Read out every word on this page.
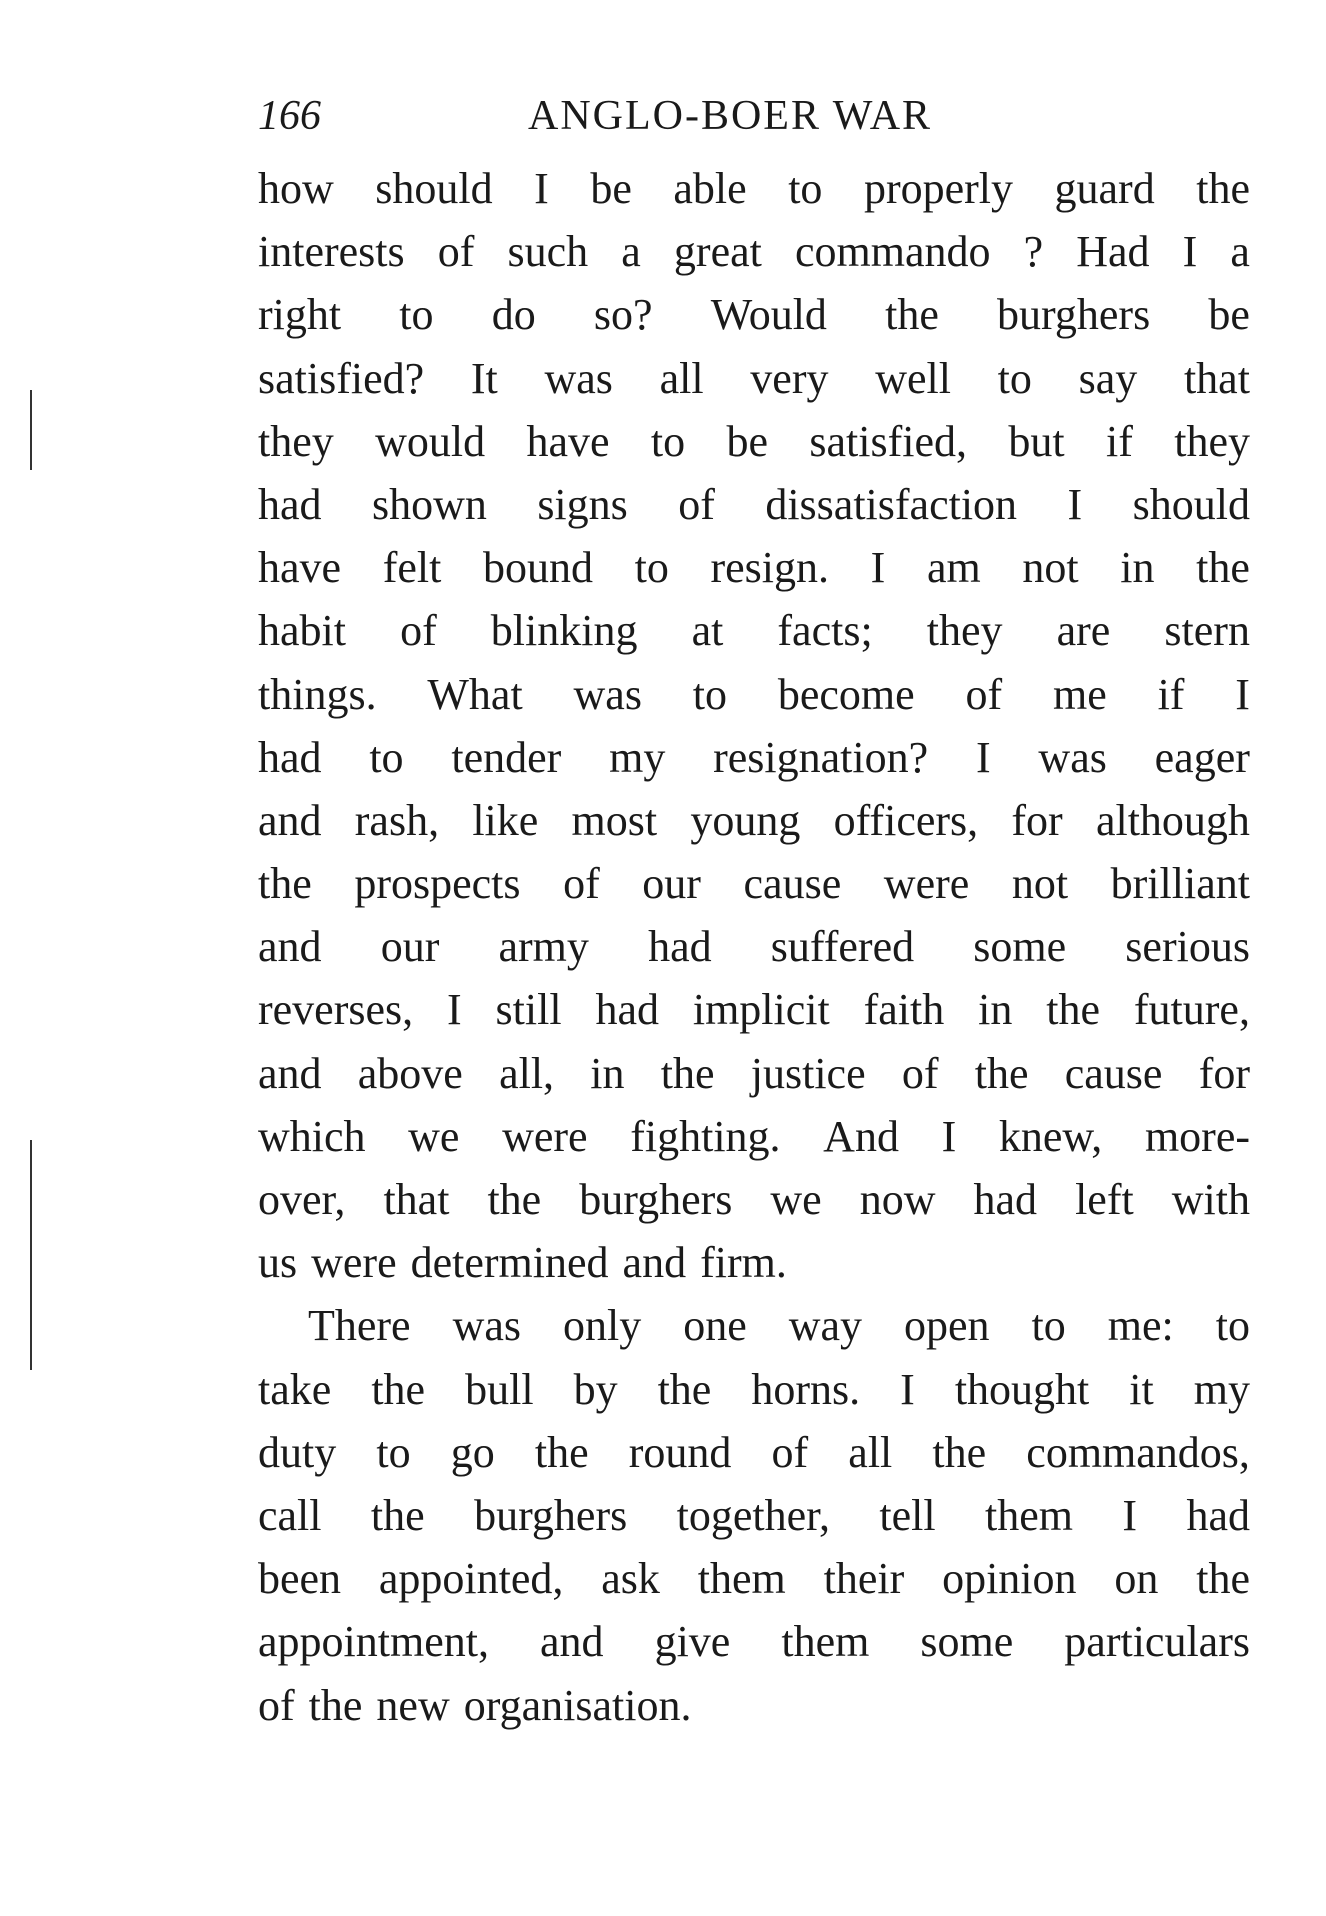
166	ANGLO-BOER WAR
how should I be able to properly guard the
interests of such a great commando ? Had I a
right to do so? Would the burghers be
satisfied? It was all very well to say that
they would have to be satisfied, but if they
had shown signs of dissatisfaction I should
have felt bound to resign. I am not in the
habit of blinking at facts; they are stern
things. What was to become of me if I
had to tender my resignation? I was eager
and rash, like most young officers, for although
the prospects of our cause were not brilliant
and our army had suffered some serious
reverses, I still had implicit faith in the future,
and above all, in the justice of the cause for
which we were fighting. And I knew, more-
over, that the burghers we now had left with
us were determined and firm.
There was only one way open to me: to
take the bull by the horns. I thought it my
duty to go the round of all the commandos,
call the burghers together, tell them I had
been appointed, ask them their opinion on the
appointment, and give them some particulars
of the new organisation.
